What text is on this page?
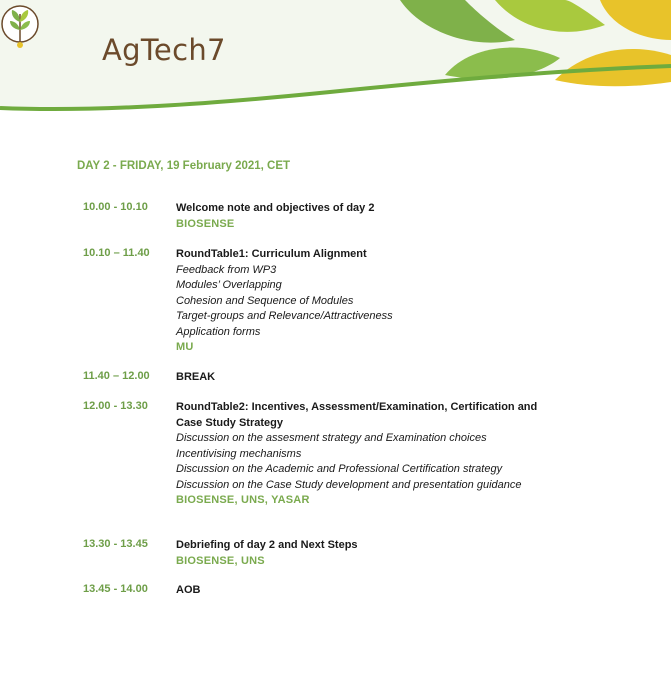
AgTech7
DAY 2 - FRIDAY, 19 February 2021, CET
10.00 - 10.10	Welcome note and objectives of day 2
BIOSENSE
10.10 – 11.40 RoundTable1: Curriculum Alignment
Feedback from WP3
Modules’ Overlapping
Cohesion and Sequence of Modules
Target-groups and Relevance/Attractiveness
Application forms
MU
11.40 – 12.00 BREAK
12.00 - 13.30	RoundTable2: Incentives, Assessment/Examination, Certification and Case Study Strategy
Discussion on the assesment strategy and Examination choices
Incentivising mechanisms
Discussion on the Academic and Professional Certification strategy
Discussion on the Case Study development and presentation guidance
BIOSENSE, UNS, YASAR
13.30 - 13.45	Debriefing of day 2 and Next Steps
BIOSENSE, UNS
13.45 - 14.00	AOB
